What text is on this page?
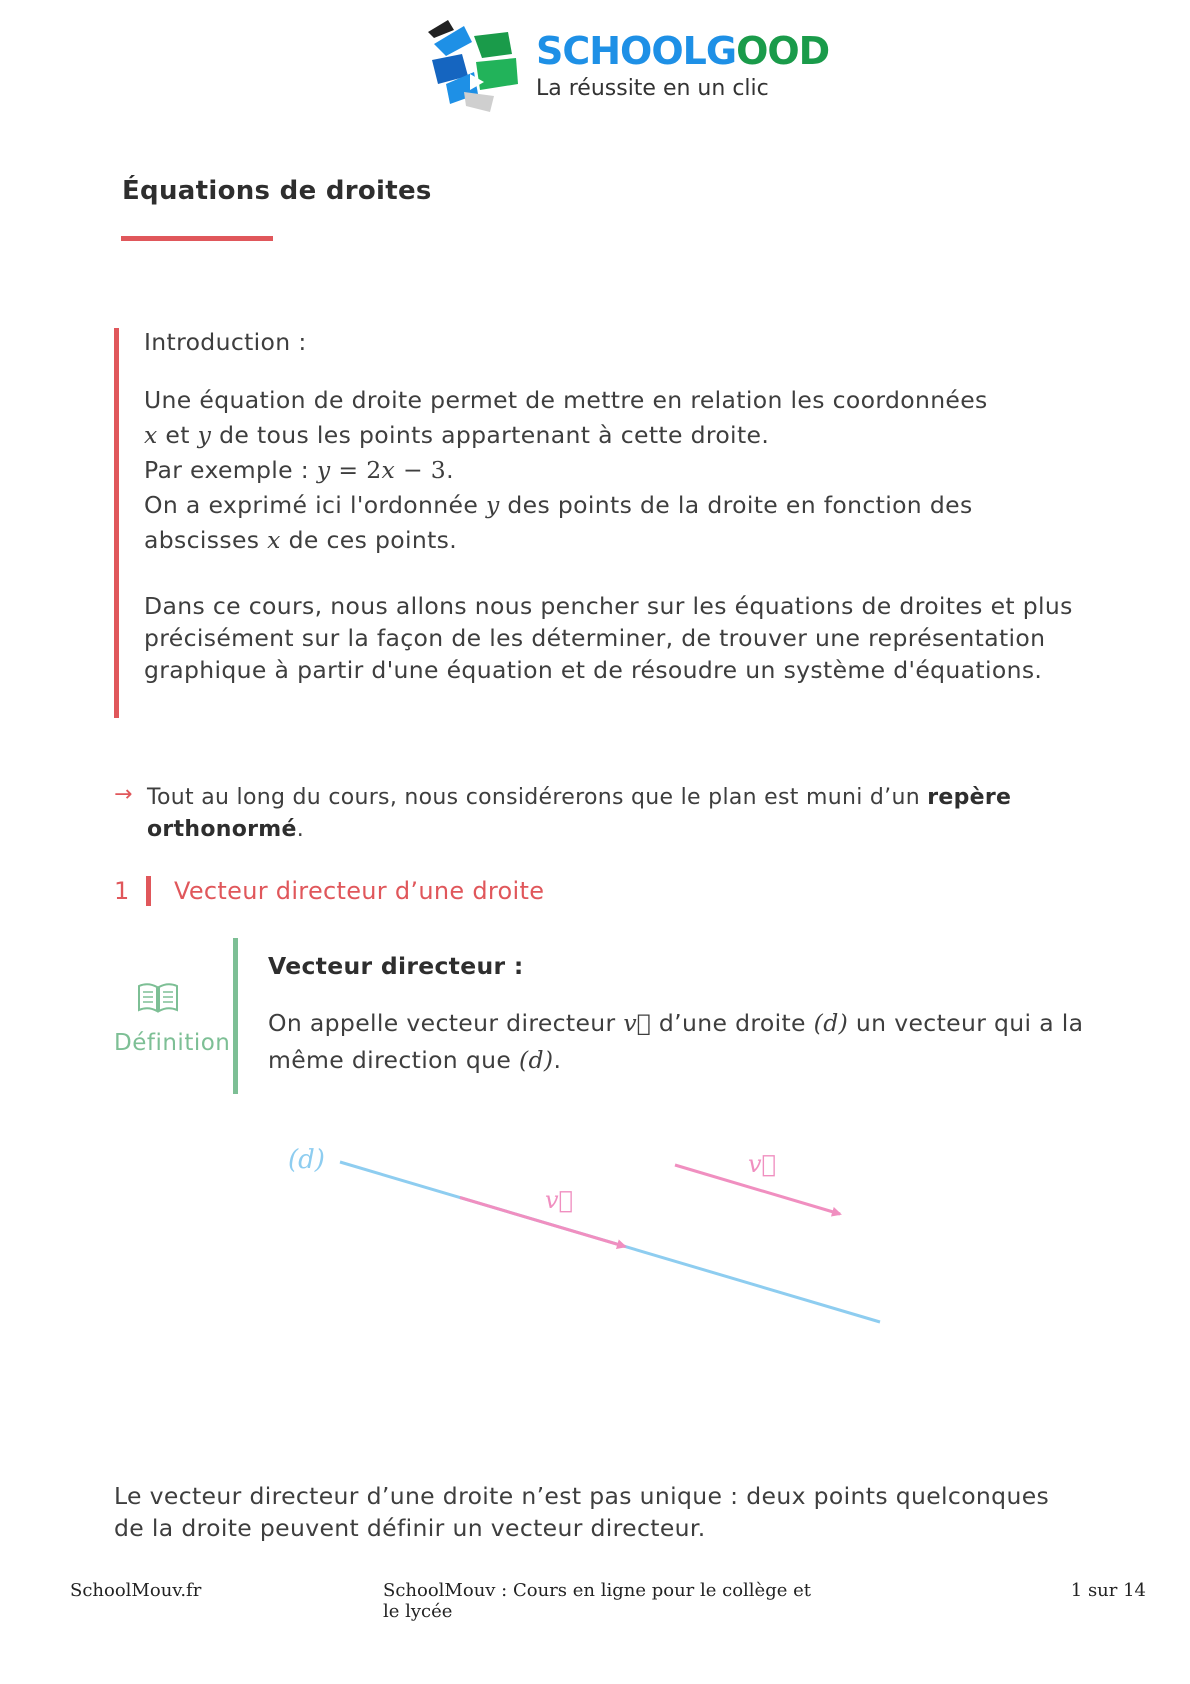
SCHOOLGOOD
La réussite en un clic
Équations de droites
Introduction :
Une équation de droite permet de mettre en relation les coordonnées
x et y de tous les points appartenant à cette droite.
Par exemple : y = 2x − 3.
On a exprimé ici l'ordonnée y des points de la droite en fonction des abscisses x de ces points.
Dans ce cours, nous allons nous pencher sur les équations de droites et plus précisément sur la façon de les déterminer, de trouver une représentation graphique à partir d'une équation et de résoudre un système d'équations.
→ Tout au long du cours, nous considérerons que le plan est muni d’un repère orthonormé.
1 Vecteur directeur d’une droite
Définition
Vecteur directeur :
On appelle vecteur directeur v⃗ d’une droite (d) un vecteur qui a la même direction que (d).
(d)
v⃗
v⃗
Le vecteur directeur d’une droite n’est pas unique : deux points quelconques de la droite peuvent définir un vecteur directeur.
SchoolMouv.fr	SchoolMouv : Cours en ligne pour le collège et le lycée
1 sur 14
